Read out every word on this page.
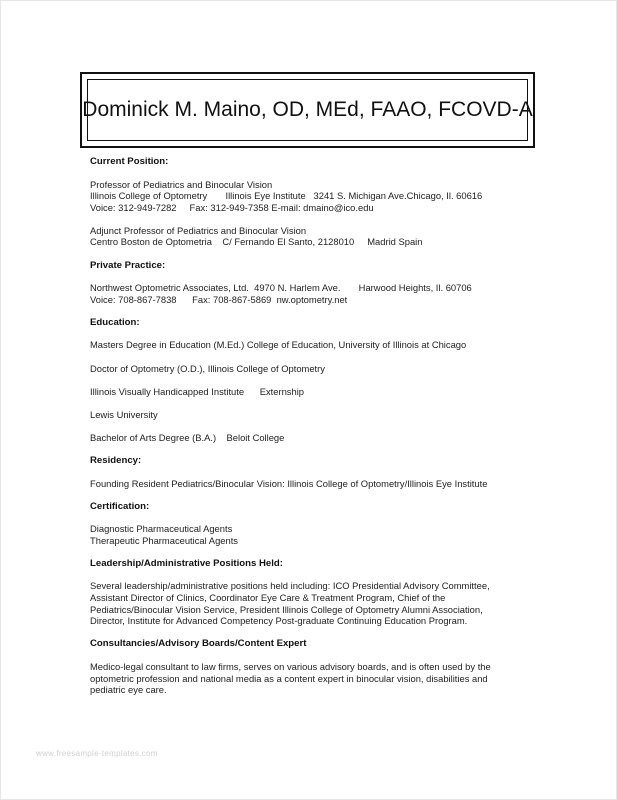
Dominick M. Maino, OD, MEd, FAAO, FCOVD-A

Current Position:

Professor of Pediatrics and Binocular Vision
Illinois College of Optometry       Illinois Eye Institute   3241 S. Michigan Ave.Chicago, Il. 60616
Voice: 312-949-7282     Fax: 312-949-7358 E-mail: dmaino@ico.edu

Adjunct Professor of Pediatrics and Binocular Vision
Centro Boston de Optometria    C/ Fernando El Santo, 2128010     Madrid Spain

Private Practice:

Northwest Optometric Associates, Ltd.  4970 N. Harlem Ave.       Harwood Heights, Il. 60706
Voice: 708-867-7838      Fax: 708-867-5869  nw.optometry.net

Education:

Masters Degree in Education (M.Ed.) College of Education, University of Illinois at Chicago

Doctor of Optometry (O.D.), Illinois College of Optometry

Illinois Visually Handicapped Institute      Externship

Lewis University

Bachelor of Arts Degree (B.A.)    Beloit College

Residency:

Founding Resident Pediatrics/Binocular Vision: Illinois College of Optometry/Illinois Eye Institute

Certification:

Diagnostic Pharmaceutical Agents
Therapeutic Pharmaceutical Agents

Leadership/Administrative Positions Held:

Several leadership/administrative positions held including: ICO Presidential Advisory Committee,
Assistant Director of Clinics, Coordinator Eye Care & Treatment Program, Chief of the
Pediatrics/Binocular Vision Service, President Illinois College of Optometry Alumni Association,
Director, Institute for Advanced Competency Post-graduate Continuing Education Program.

Consultancies/Advisory Boards/Content Expert

Medico-legal consultant to law firms, serves on various advisory boards, and is often used by the
optometric profession and national media as a content expert in binocular vision, disabilities and
pediatric eye care.

www.freesample-templates.com
